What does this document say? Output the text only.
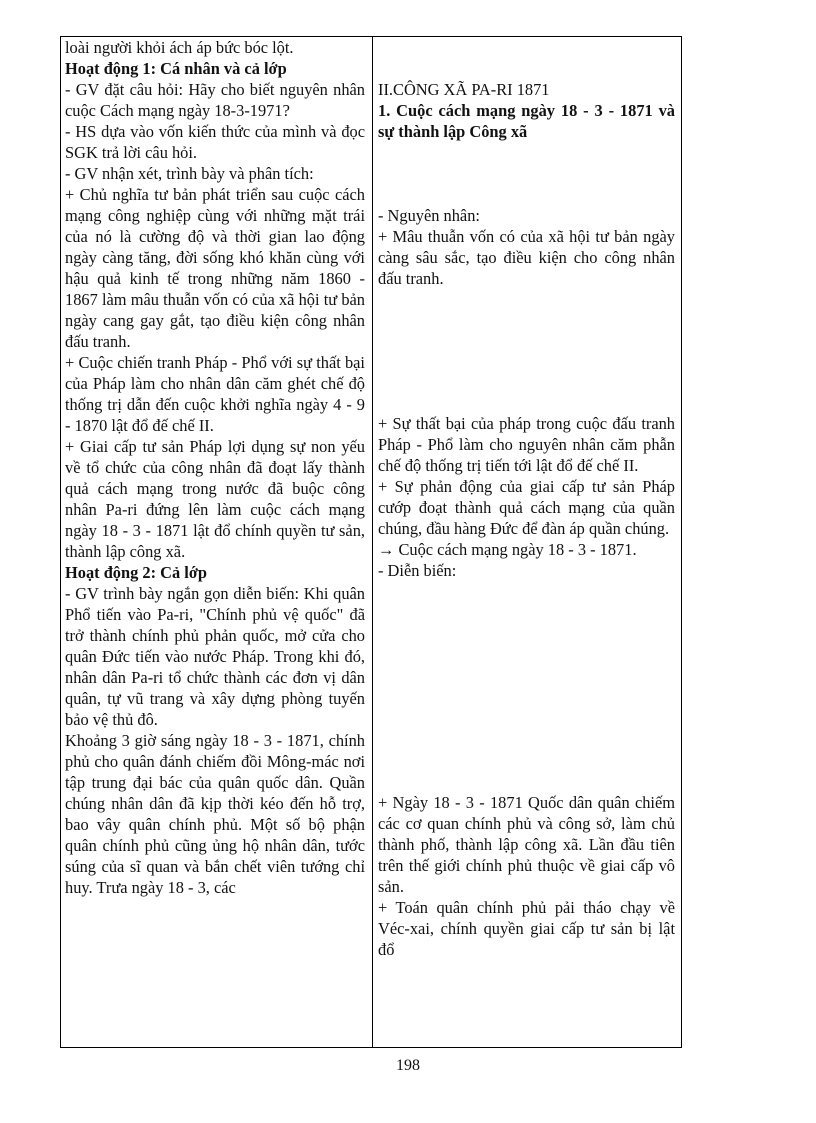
loài người khỏi ách áp bức bóc lột.

Hoạt động 1: Cá nhân và cả lớp

- GV đặt câu hỏi: Hãy cho biết nguyên nhân cuộc Cách mạng ngày 18-3-1971?

- HS dựa vào vốn kiến thức của mình và đọc SGK trả lời câu hỏi.

- GV nhận xét, trình bày và phân tích:

+ Chủ nghĩa tư bản phát triển sau cuộc cách mạng công nghiệp cùng với những mặt trái của nó là cường độ và thời gian lao động ngày càng tăng, đời sống khó khăn cùng với hậu quả kinh tế trong những năm 1860 - 1867 làm mâu thuẫn vốn có của xã hội tư bản ngày cang gay gắt, tạo điều kiện công nhân đấu tranh.

+ Cuộc chiến tranh Pháp - Phổ với sự thất bại của Pháp làm cho nhân dân căm ghét chế độ thống trị dẫn đến cuộc khởi nghĩa ngày 4 - 9 - 1870 lật đổ đế chế II.

+ Giai cấp tư sản Pháp lợi dụng sự non yếu về tổ chức của công nhân đã đoạt lấy thành quả cách mạng trong nước đã buộc công nhân Pa-ri đứng lên làm cuộc cách mạng ngày 18 - 3 - 1871 lật đổ chính quyền tư sản, thành lập công xã.

Hoạt động 2: Cả lớp

- GV trình bày ngắn gọn diễn biến: Khi quân Phổ tiến vào Pa-ri, "Chính phủ vệ quốc" đã trở thành chính phủ phản quốc, mở cửa cho quân Đức tiến vào nước Pháp. Trong khi đó, nhân dân Pa-ri tổ chức thành các đơn vị dân quân, tự vũ trang và xây dựng phòng tuyến bảo vệ thủ đô.

Khoảng 3 giờ sáng ngày 18 - 3 - 1871, chính phủ cho quân đánh chiếm đồi Mông-mác nơi tập trung đại bác của quân quốc dân. Quần chúng nhân dân đã kịp thời kéo đến hỗ trợ, bao vây quân chính phủ. Một số bộ phận quân chính phủ cũng ủng hộ nhân dân, tước súng của sĩ quan và bắn chết viên tướng chỉ huy. Trưa ngày 18 - 3, các

II.CÔNG XÃ PA-RI 1871

1. Cuộc cách mạng ngày 18 - 3 - 1871 và sự thành lập Công xã

- Nguyên nhân:

+ Mâu thuẫn vốn có của xã hội tư bản ngày càng sâu sắc, tạo điều kiện cho công nhân đấu tranh.

+ Sự thất bại của pháp trong cuộc đấu tranh Pháp - Phổ làm cho nguyên nhân căm phẫn chế độ thống trị tiến tới lật đổ đế chế II.

+ Sự phản động của giai cấp tư sản Pháp cướp đoạt thành quả cách mạng của quần chúng, đầu hàng Đức để đàn áp quần chúng.

→ Cuộc cách mạng ngày 18 - 3 - 1871.

- Diễn biến:

+ Ngày 18 - 3 - 1871 Quốc dân quân chiếm các cơ quan chính phủ và công sở, làm chủ thành phố, thành lập công xã. Lần đầu tiên trên thế giới chính phủ thuộc về giai cấp vô sản.

+ Toán quân chính phủ pải tháo chạy về Véc-xai, chính quyền giai cấp tư sản bị lật đổ

198
